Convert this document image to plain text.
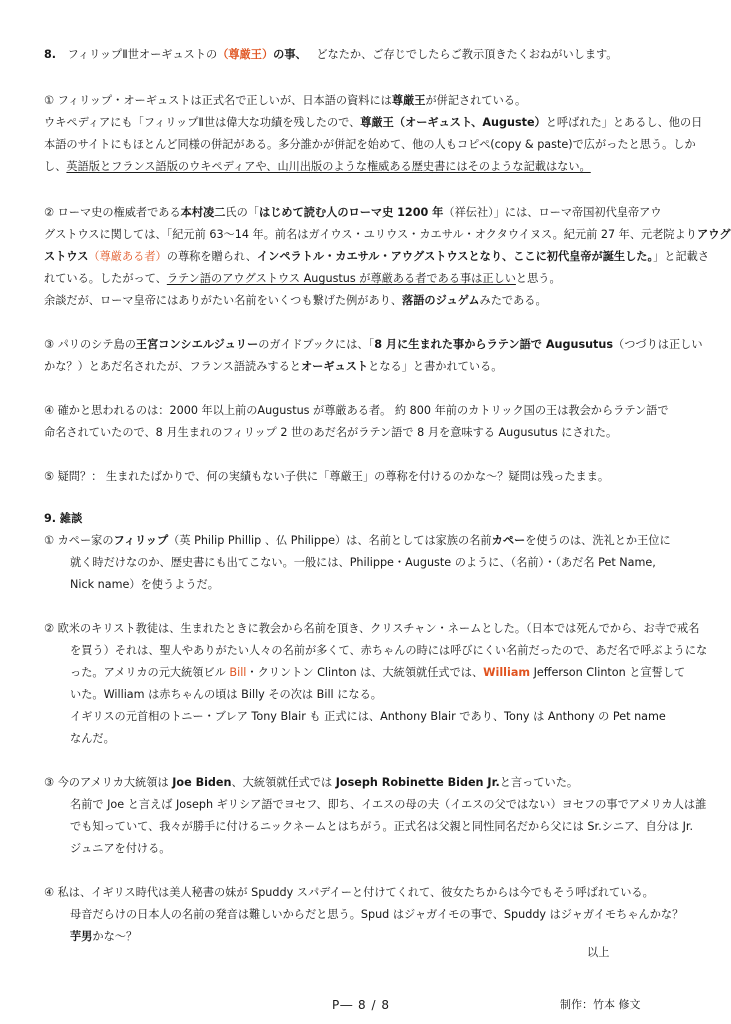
8. フィリップⅡ世オーギュストの（尊厳王）の事、 どなたか、ご存じでしたらご教示頂きたくおねがいします。
① フィリップ・オーギュストは正式名で正しいが、日本語の資料には尊厳王が併記されている。
ウキペディアにも「フィリップⅡ世は偉大な功績を残したので、尊厳王（オーギュスト、Auguste）と呼ばれた」とあるし、他の日
本語のサイトにもほとんど同様の併記がある。多分誰かが併記を始めて、他の人もコピペ(copy & paste)で広がったと思う。しか
し、英語版とフランス語版のウキペディアや、山川出版のような権威ある歴史書にはそのような記載はない。
② ローマ史の権威者である本村凌二氏の「はじめて読む人のローマ史 1200 年（祥伝社）」には、ローマ帝国初代皇帝アウ
グストウスに関しては、「紀元前 63～14 年。前名はガイウス・ユリウス・カエサル・オクタウイヌス。紀元前 27 年、元老院よりアウグ
ストウス（尊厳ある者）の尊称を贈られ、インペラトル・カエサル・アウグストウスとなり、ここに初代皇帝が誕生した。」と記載さ
れている。したがって、ラテン語のアウグストウス Augustus が尊厳ある者である事は正しいと思う。
余談だが、ローマ皇帝にはありがたい名前をいくつも繋げた例があり、落語のジュゲムみたである。
③ パリのシテ島の王宮コンシエルジュリーのガイドブックには、「8 月に生まれた事からラテン語で Augusutus（つづりは正しい
かな？）とあだ名されたが、フランス語読みするとオーギュストとなる」と書かれている。
④ 確かと思われるのは：2000 年以上前のAugustus が尊厳ある者。 約 800 年前のカトリック国の王は教会からラテン語で
命名されていたので、8 月生まれのフィリップ 2 世のあだ名がラテン語で 8 月を意味する Augusutus にされた。
⑤ 疑問？： 生まれたばかりで、何の実績もない子供に「尊厳王」の尊称を付けるのかな～？疑問は残ったまま。
9. 雑談
① カペー家のフィリップ（英 Philip Phillip 、仏 Philippe）は、名前としては家族の名前カペーを使うのは、洗礼とか王位に
就く時だけなのか、歴史書にも出てこない。一般には、Philippe・Auguste のように、（名前）・（あだ名 Pet Name,
Nick name）を使うようだ。
② 欧米のキリスト教徒は、生まれたときに教会から名前を頂き、クリスチャン・ネームとした。（日本では死んでから、お寺で戒名
を買う）それは、聖人やありがたい人々の名前が多くて、赤ちゃんの時には呼びにくい名前だったので、あだ名で呼ぶようにな
った。アメリカの元大統領ビル Bill・クリントン Clinton は、大統領就任式では、William Jefferson Clinton と宣誓して
いた。William は赤ちゃんの頃は Billy その次は Bill になる。
イギリスの元首相のトニー・ブレア Tony Blair も 正式には、Anthony Blair であり、Tony は Anthony の Pet name
なんだ。
③ 今のアメリカ大統領は Joe Biden、大統領就任式では Joseph Robinette Biden Jr.と言っていた。
名前で Joe と言えば Joseph ギリシア語でヨセフ、即ち、イエスの母の夫（イエスの父ではない）ヨセフの事でアメリカ人は誰
でも知っていて、我々が勝手に付けるニックネームとはちがう。正式名は父親と同性同名だから父には Sr.シニア、自分は Jr.
ジュニアを付ける。
④ 私は、イギリス時代は美人秘書の妹が Spuddy スパデイーと付けてくれて、彼女たちからは今でもそう呼ばれている。
母音だらけの日本人の名前の発音は難しいからだと思う。Spud はジャガイモの事で、Spuddy はジャガイモちゃんかな？
芋男かな～？
以上
P― 8 / 8	制作：竹本 修文
